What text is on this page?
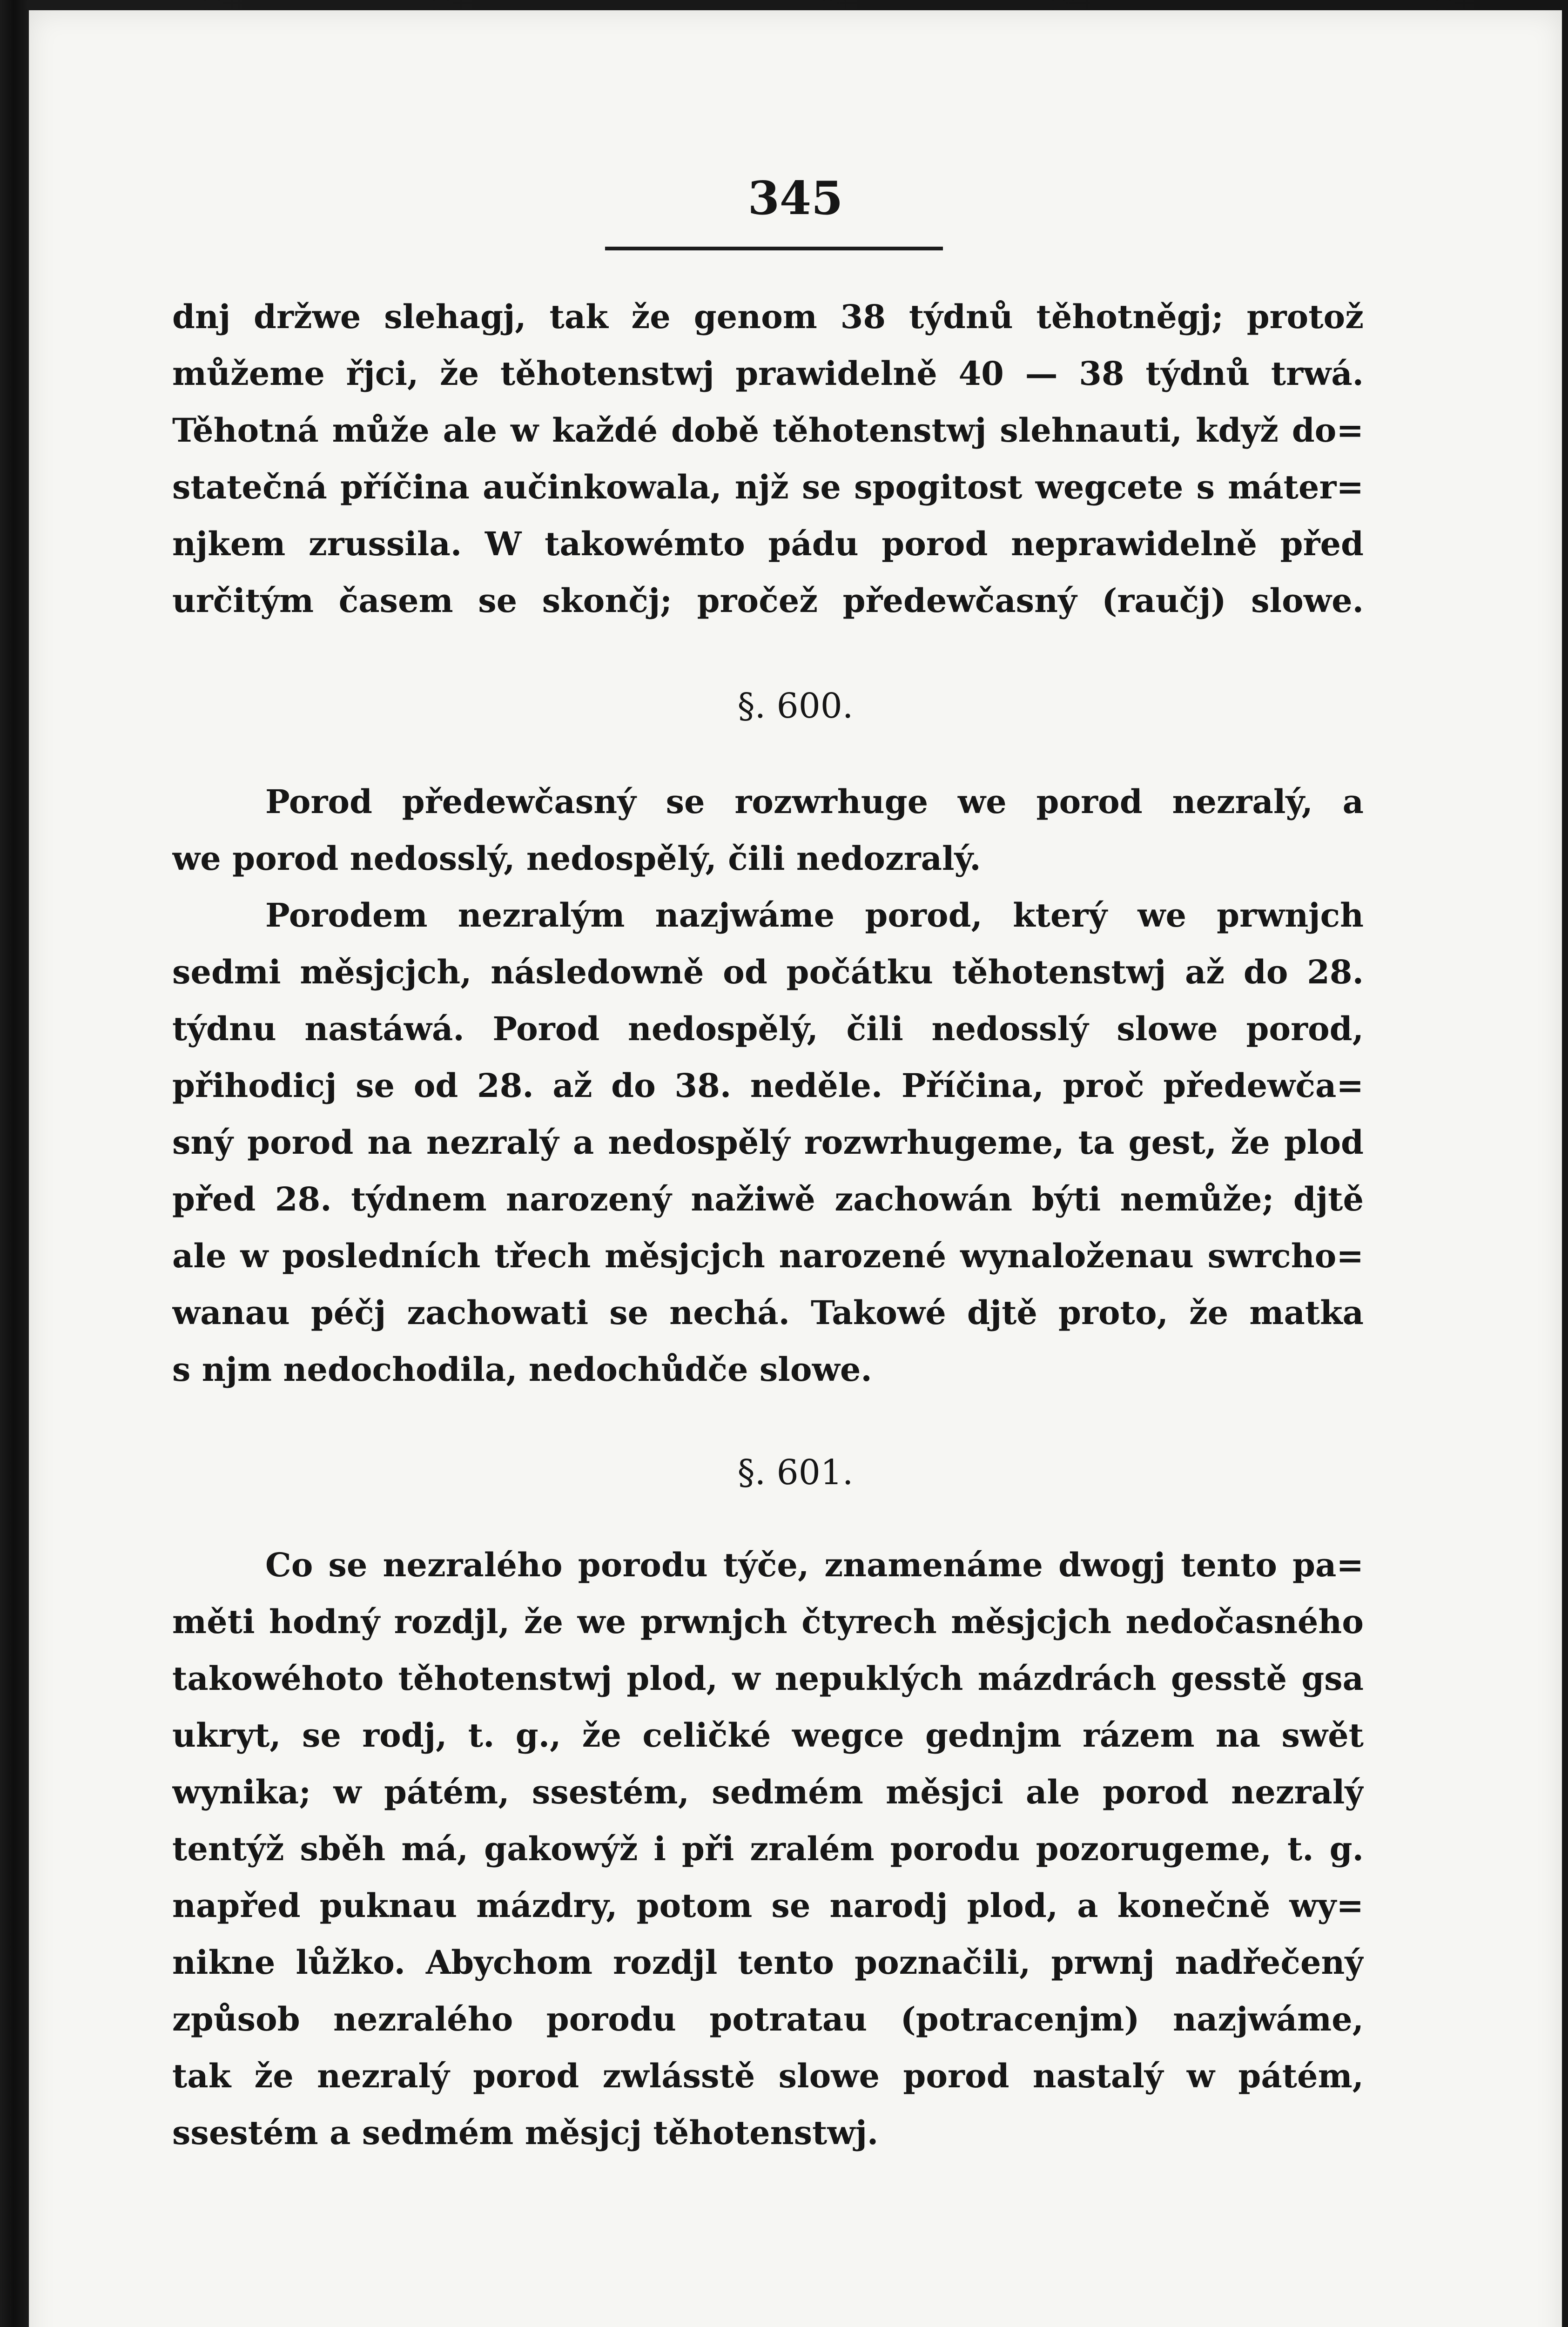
345
dnj držwe slehagj, tak že genom 38 týdnů těhotněgj; protož
můžeme řjci, že těhotenstwj prawidelně 40 — 38 týdnů trwá.
Těhotná může ale w každé době těhotenstwj slehnauti, když do=
statečná příčina aučinkowala, njž se spogitost wegcete s máter=
njkem zrussila. W takowémto pádu porod neprawidelně před
určitým časem se skončj; pročež předewčasný (raučj) slowe.
§. 600.
Porod předewčasný se rozwrhuge we porod nezralý, a
we porod nedosslý, nedospělý, čili nedozralý.
Porodem nezralým nazjwáme porod, který we prwnjch
sedmi měsjcjch, následowně od počátku těhotenstwj až do 28.
týdnu nastáwá. Porod nedospělý, čili nedosslý slowe porod,
přihodicj se od 28. až do 38. neděle. Příčina, proč předewča=
sný porod na nezralý a nedospělý rozwrhugeme, ta gest, že plod
před 28. týdnem narozený nažiwě zachowán býti nemůže; djtě
ale w posledních třech měsjcjch narozené wynaloženau swrcho=
wanau péčj zachowati se nechá. Takowé djtě proto, že matka
s njm nedochodila, nedochůdče slowe.
§. 601.
Co se nezralého porodu týče, znamenáme dwogj tento pa=
měti hodný rozdjl, že we prwnjch čtyrech měsjcjch nedočasného
takowéhoto těhotenstwj plod, w nepuklých mázdrách gesstě gsa
ukryt, se rodj, t. g., že celičké wegce gednjm rázem na swět
wynika; w pátém, ssestém, sedmém měsjci ale porod nezralý
tentýž sběh má, gakowýž i při zralém porodu pozorugeme, t. g.
napřed puknau mázdry, potom se narodj plod, a konečně wy=
nikne lůžko. Abychom rozdjl tento poznačili, prwnj nadřečený
způsob nezralého porodu potratau (potracenjm) nazjwáme,
tak že nezralý porod zwlásstě slowe porod nastalý w pátém,
ssestém a sedmém měsjcj těhotenstwj.
